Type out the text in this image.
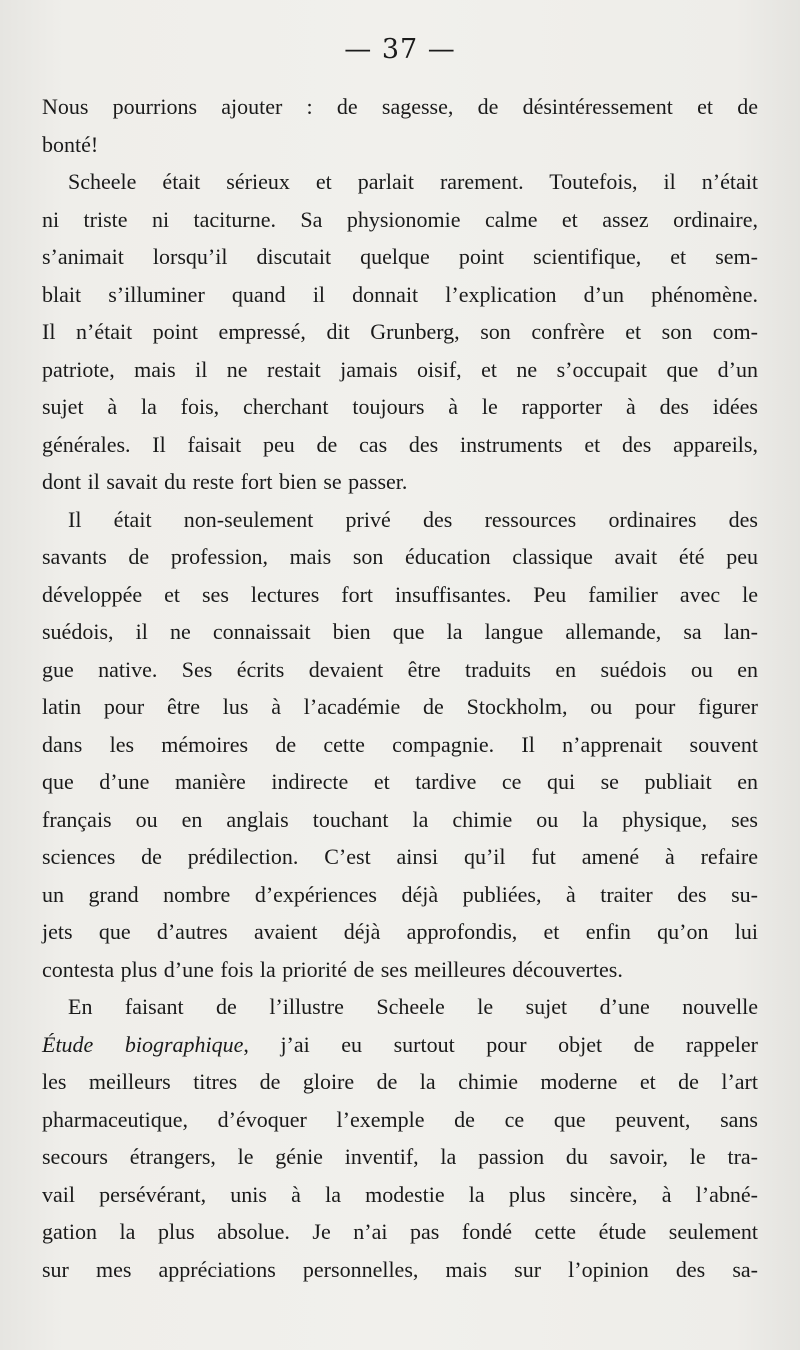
— 37 —
Nous pourrions ajouter : de sagesse, de désintéressement et de
bonté!
Scheele était sérieux et parlait rarement. Toutefois, il n’était
ni triste ni taciturne. Sa physionomie calme et assez ordinaire,
s’animait lorsqu’il discutait quelque point scientifique, et sem-
blait s’illuminer quand il donnait l’explication d’un phénomène.
Il n’était point empressé, dit Grunberg, son confrère et son com-
patriote, mais il ne restait jamais oisif, et ne s’occupait que d’un
sujet à la fois, cherchant toujours à le rapporter à des idées
générales. Il faisait peu de cas des instruments et des appareils,
dont il savait du reste fort bien se passer.
Il était non-seulement privé des ressources ordinaires des
savants de profession, mais son éducation classique avait été peu
développée et ses lectures fort insuffisantes. Peu familier avec le
suédois, il ne connaissait bien que la langue allemande, sa lan-
gue native. Ses écrits devaient être traduits en suédois ou en
latin pour être lus à l’académie de Stockholm, ou pour figurer
dans les mémoires de cette compagnie. Il n’apprenait souvent
que d’une manière indirecte et tardive ce qui se publiait en
français ou en anglais touchant la chimie ou la physique, ses
sciences de prédilection. C’est ainsi qu’il fut amené à refaire
un grand nombre d’expériences déjà publiées, à traiter des su-
jets que d’autres avaient déjà approfondis, et enfin qu’on lui
contesta plus d’une fois la priorité de ses meilleures découvertes.
En faisant de l’illustre Scheele le sujet d’une nouvelle
Étude biographique, j’ai eu surtout pour objet de rappeler
les meilleurs titres de gloire de la chimie moderne et de l’art
pharmaceutique, d’évoquer l’exemple de ce que peuvent, sans
secours étrangers, le génie inventif, la passion du savoir, le tra-
vail persévérant, unis à la modestie la plus sincère, à l’abné-
gation la plus absolue. Je n’ai pas fondé cette étude seulement
sur mes appréciations personnelles, mais sur l’opinion des sa-
